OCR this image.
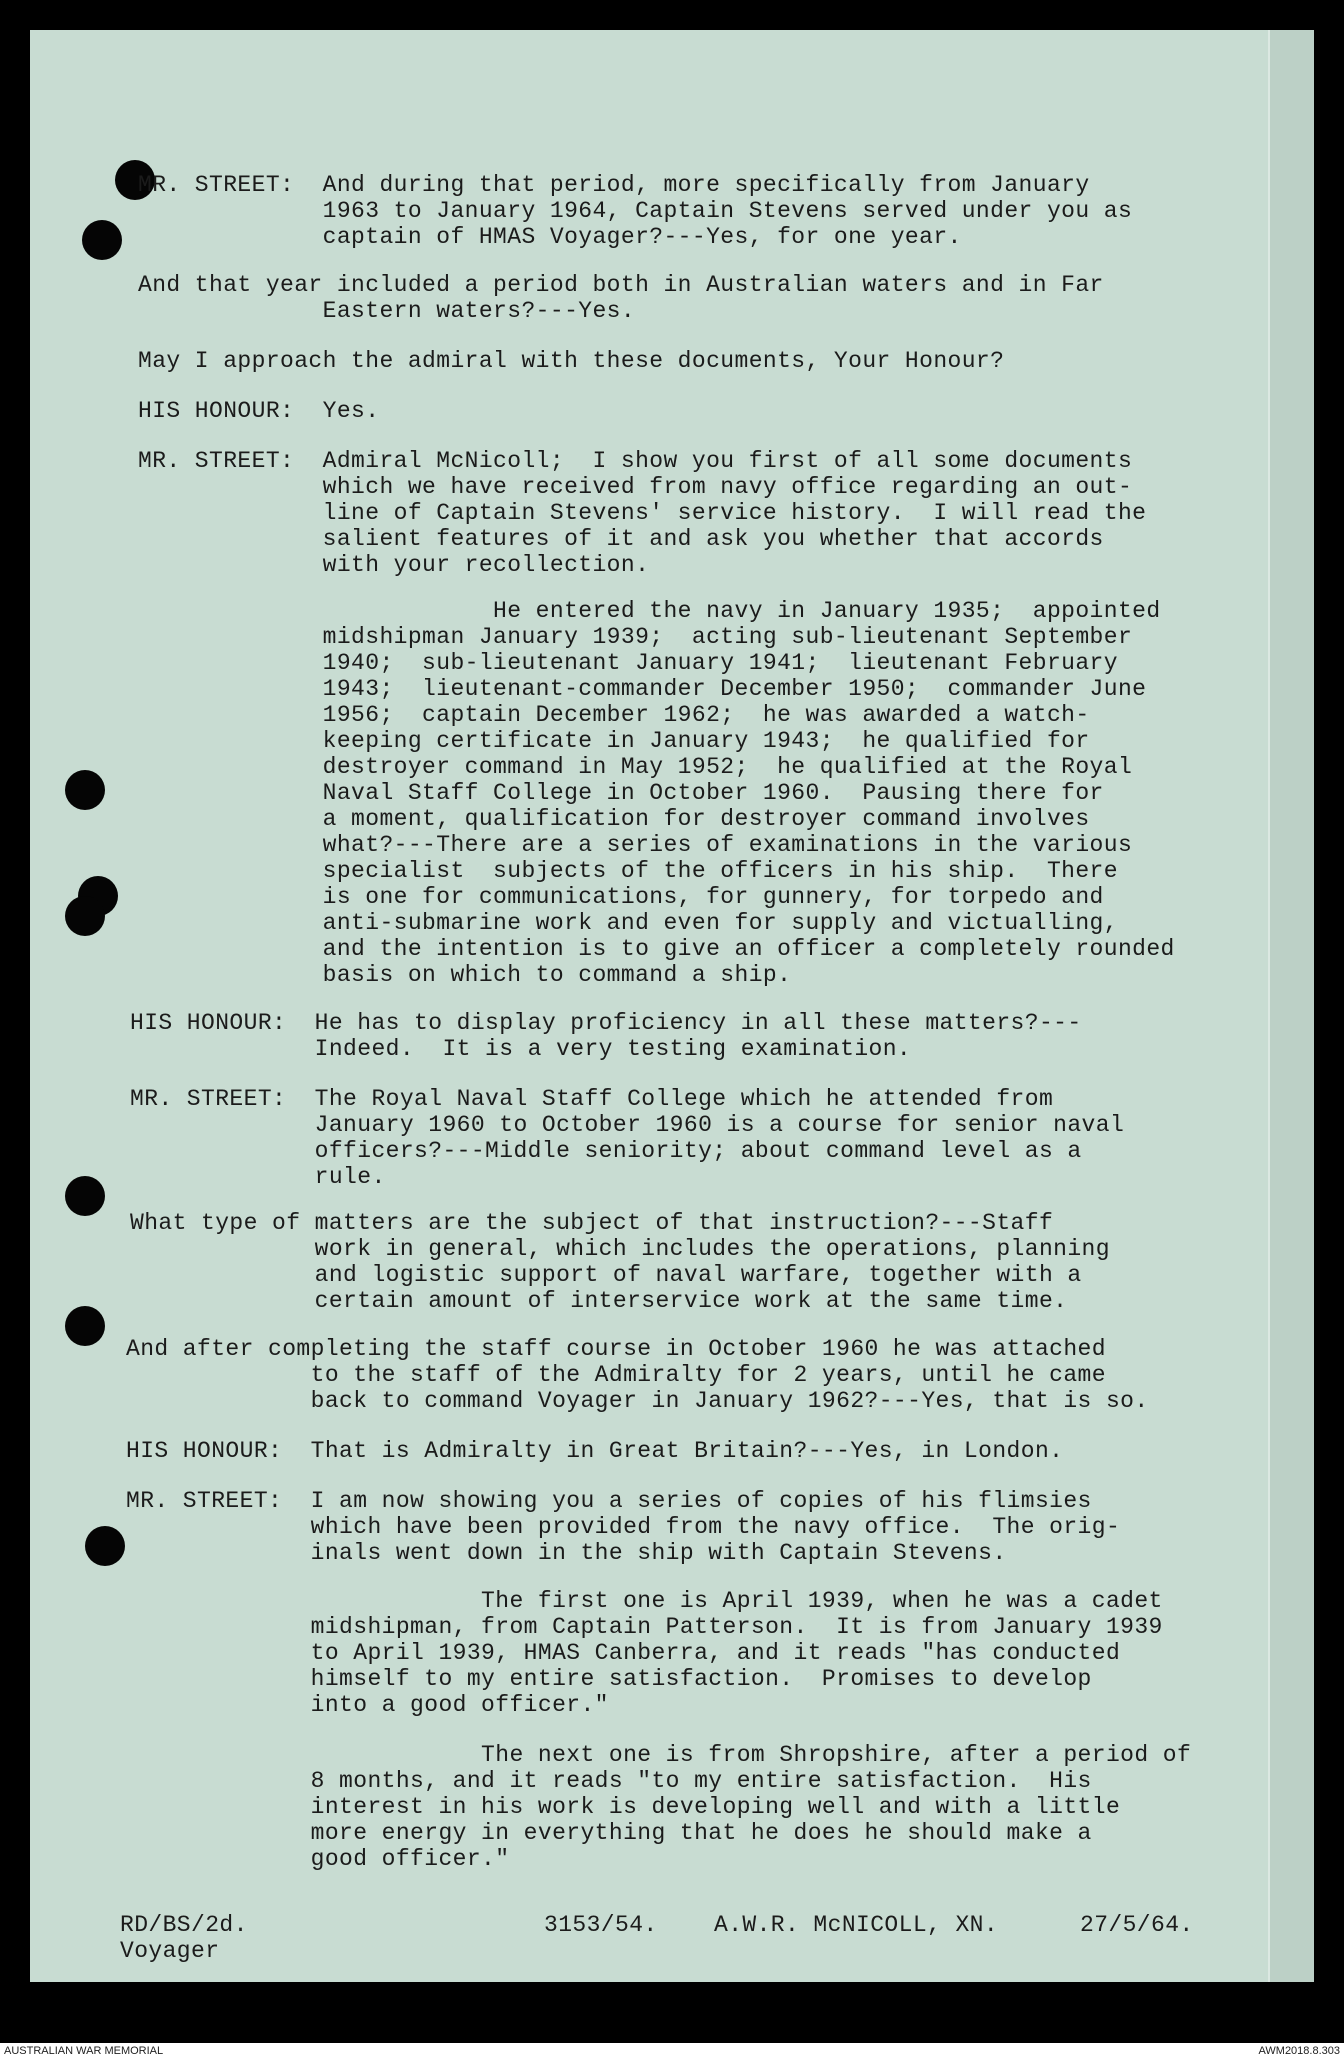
MR. STREET:  And during that period, more specifically from January
1963 to January 1964, Captain Stevens served under you as
captain of HMAS Voyager?---Yes, for one year.
And that year included a period both in Australian waters and in Far
Eastern waters?---Yes.
May I approach the admiral with these documents, Your Honour?
HIS HONOUR:  Yes.
MR. STREET:  Admiral McNicoll;  I show you first of all some documents
which we have received from navy office regarding an out-
line of Captain Stevens' service history.  I will read the
salient features of it and ask you whether that accords
with your recollection.
He entered the navy in January 1935;  appointed
midshipman January 1939;  acting sub-lieutenant September
1940;  sub-lieutenant January 1941;  lieutenant February
1943;  lieutenant-commander December 1950;  commander June
1956;  captain December 1962;  he was awarded a watch-
keeping certificate in January 1943;  he qualified for
destroyer command in May 1952;  he qualified at the Royal
Naval Staff College in October 1960.  Pausing there for
a moment, qualification for destroyer command involves
what?---There are a series of examinations in the various
specialist  subjects of the officers in his ship.  There
is one for communications, for gunnery, for torpedo and
anti-submarine work and even for supply and victualling,
and the intention is to give an officer a completely rounded
basis on which to command a ship.
HIS HONOUR:  He has to display proficiency in all these matters?---
Indeed.  It is a very testing examination.
MR. STREET:  The Royal Naval Staff College which he attended from
January 1960 to October 1960 is a course for senior naval
officers?---Middle seniority; about command level as a
rule.
What type of matters are the subject of that instruction?---Staff
work in general, which includes the operations, planning
and logistic support of naval warfare, together with a
certain amount of interservice work at the same time.
And after completing the staff course in October 1960 he was attached
to the staff of the Admiralty for 2 years, until he came
back to command Voyager in January 1962?---Yes, that is so.
HIS HONOUR:  That is Admiralty in Great Britain?---Yes, in London.
MR. STREET:  I am now showing you a series of copies of his flimsies
which have been provided from the navy office.  The orig-
inals went down in the ship with Captain Stevens.
The first one is April 1939, when he was a cadet
midshipman, from Captain Patterson.  It is from January 1939
to April 1939, HMAS Canberra, and it reads "has conducted
himself to my entire satisfaction.  Promises to develop
into a good officer."
The next one is from Shropshire, after a period of
8 months, and it reads "to my entire satisfaction.  His
interest in his work is developing well and with a little
more energy in everything that he does he should make a
good officer."
RD/BS/2d.
Voyager
3153/54. A.W.R. McNICOLL, XN.	27/5/64.
AUSTRALIAN WAR MEMORIAL	AWM2018.8.303
